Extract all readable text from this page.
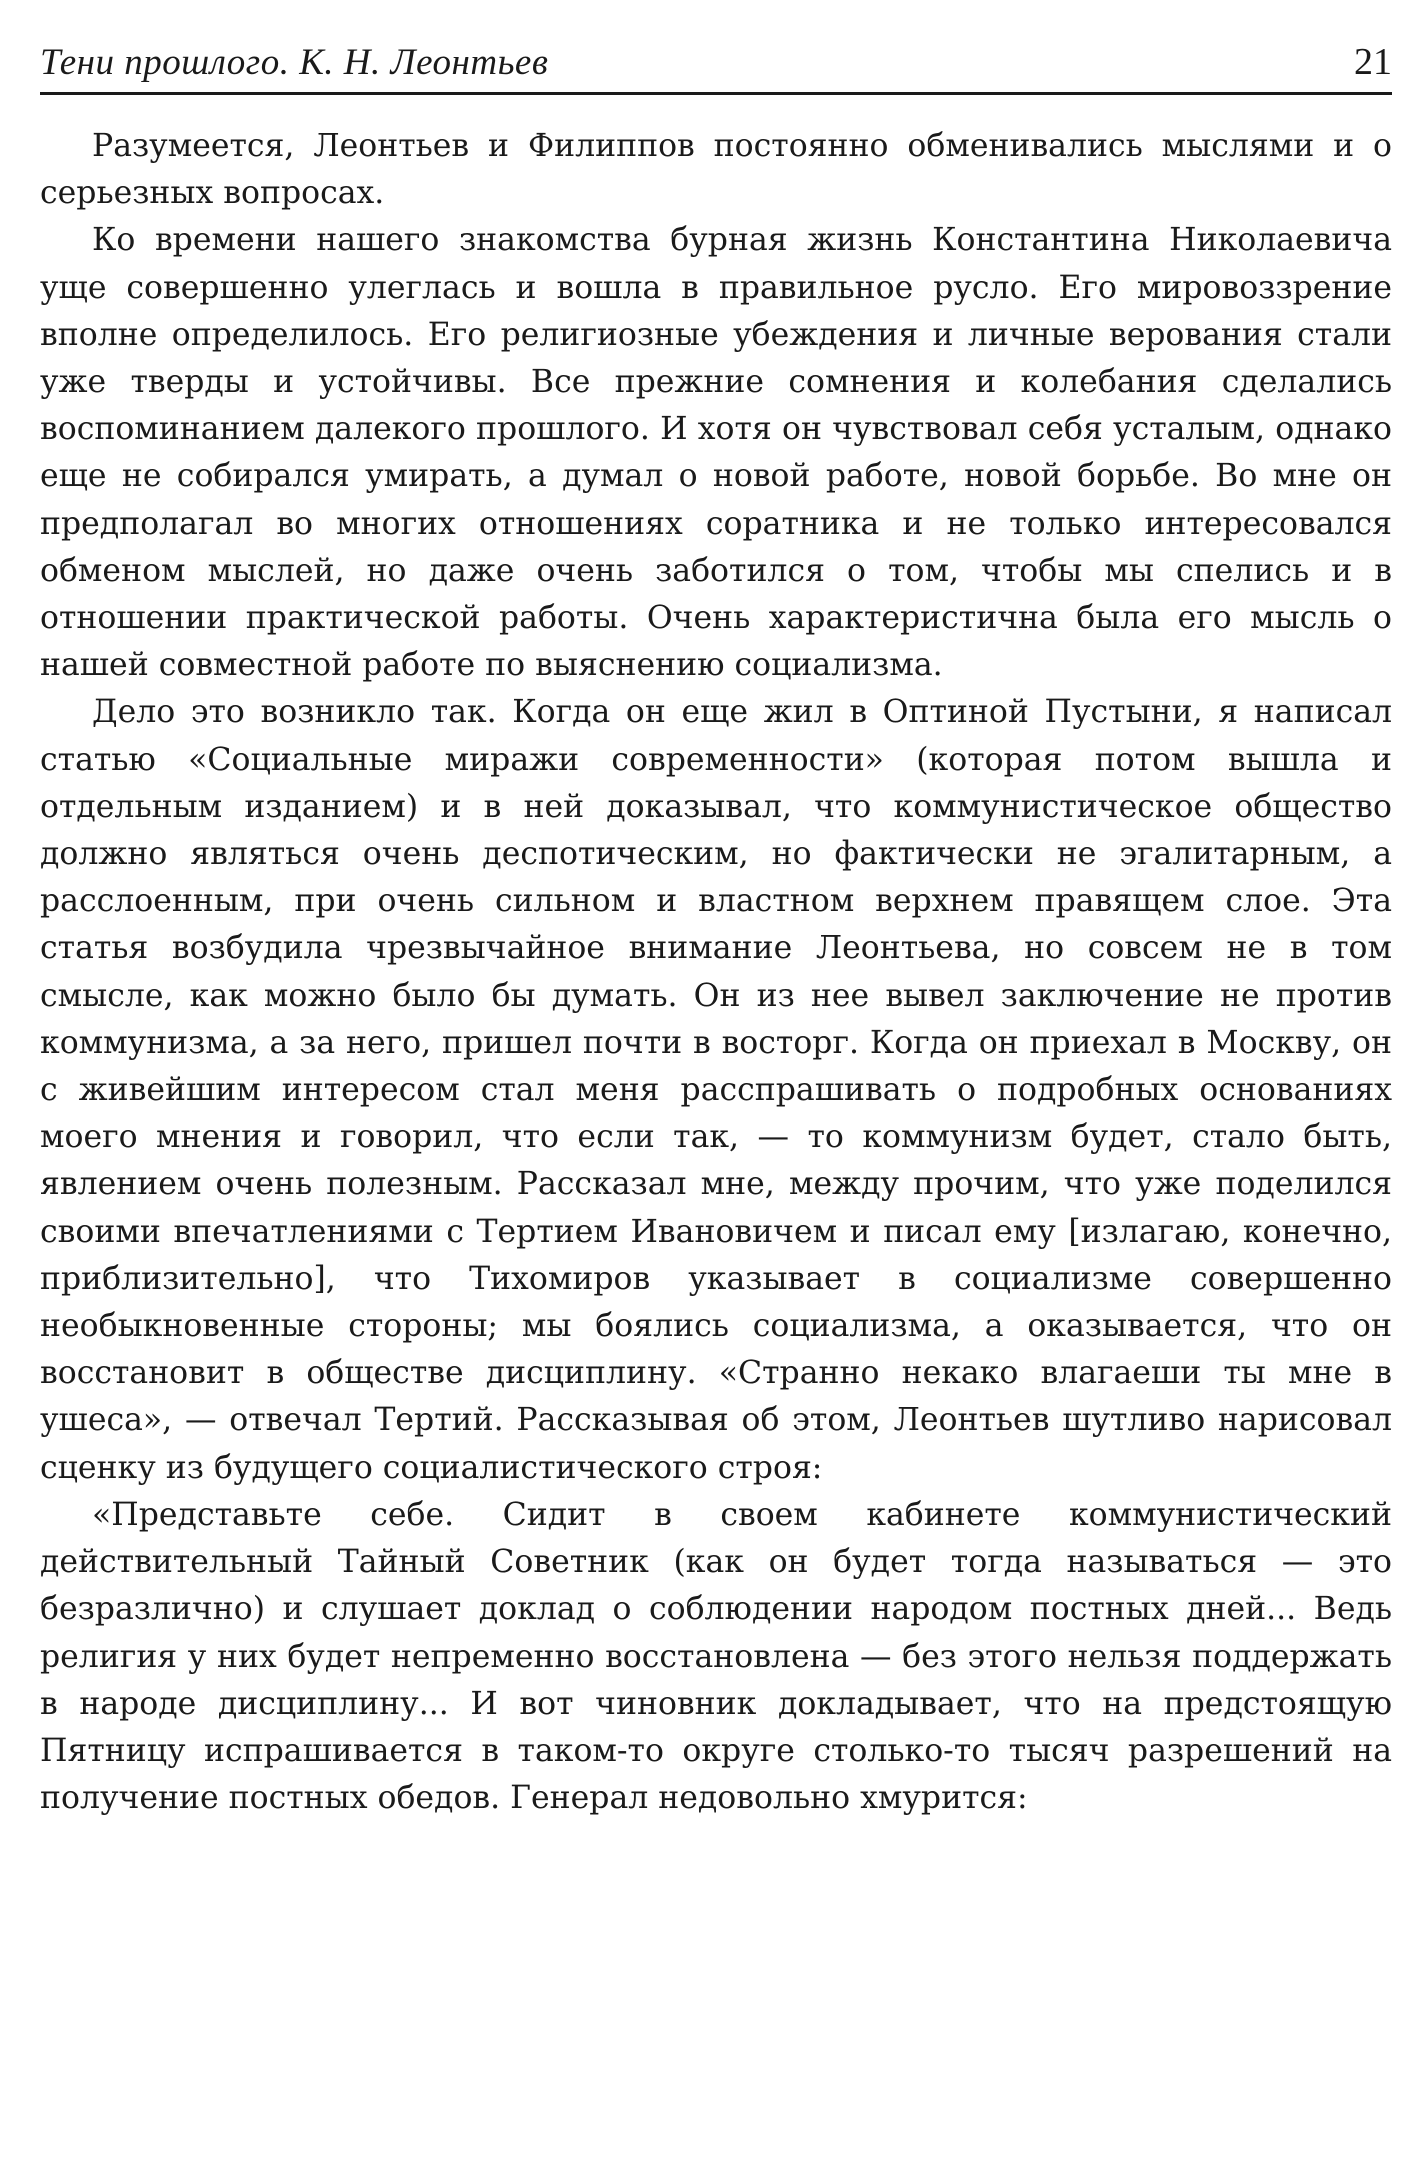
Тени прошлого. К. Н. Леонтьев	21

Разумеется, Леонтьев и Филиппов постоянно обменивались мыслями и о серьезных вопросах.

Ко времени нашего знакомства бурная жизнь Константина Николаевича уще совершенно улеглась и вошла в правильное русло. Его мировоззрение вполне определилось. Его религиозные убеждения и личные верования стали уже тверды и устойчивы. Все прежние сомнения и колебания сделались воспоминанием далекого прошлого. И хотя он чувствовал себя усталым, однако еще не собирался умирать, а думал о новой работе, новой борьбе. Во мне он предполагал во многих отношениях соратника и не только интересовался обменом мыслей, но даже очень заботился о том, чтобы мы спелись и в отношении практической работы. Очень характеристична была его мысль о нашей совместной работе по выяснению социализма.

Дело это возникло так. Когда он еще жил в Оптиной Пустыни, я написал статью «Социальные миражи современности» (которая потом вышла и отдельным изданием) и в ней доказывал, что коммунистическое общество должно являться очень деспотическим, но фактически не эгалитарным, а расслоенным, при очень сильном и властном верхнем правящем слое. Эта статья возбудила чрезвычайное внимание Леонтьева, но совсем не в том смысле, как можно было бы думать. Он из нее вывел заключение не против коммунизма, а за него, пришел почти в восторг. Когда он приехал в Москву, он с живейшим интересом стал меня расспрашивать о подробных основаниях моего мнения и говорил, что если так, — то коммунизм будет, стало быть, явлением очень полезным. Рассказал мне, между прочим, что уже поделился своими впечатлениями с Тертием Ивановичем и писал ему [излагаю, конечно, приблизительно], что Тихомиров указывает в социализме совершенно необыкновенные стороны; мы боялись социализма, а оказывается, что он восстановит в обществе дисциплину. «Странно некако влагаеши ты мне в ушеса», — отвечал Тертий. Рассказывая об этом, Леонтьев шутливо нарисовал сценку из будущего социалистического строя:

«Представьте себе. Сидит в своем кабинете коммунистический действительный Тайный Советник (как он будет тогда называться — это безразлично) и слушает доклад о соблюдении народом постных дней... Ведь религия у них будет непременно восстановлена — без этого нельзя поддержать в народе дисциплину... И вот чиновник докладывает, что на предстоящую Пятницу испрашивается в таком-то округе столько-то тысяч разрешений на получение постных обедов. Генерал недовольно хмурится:
